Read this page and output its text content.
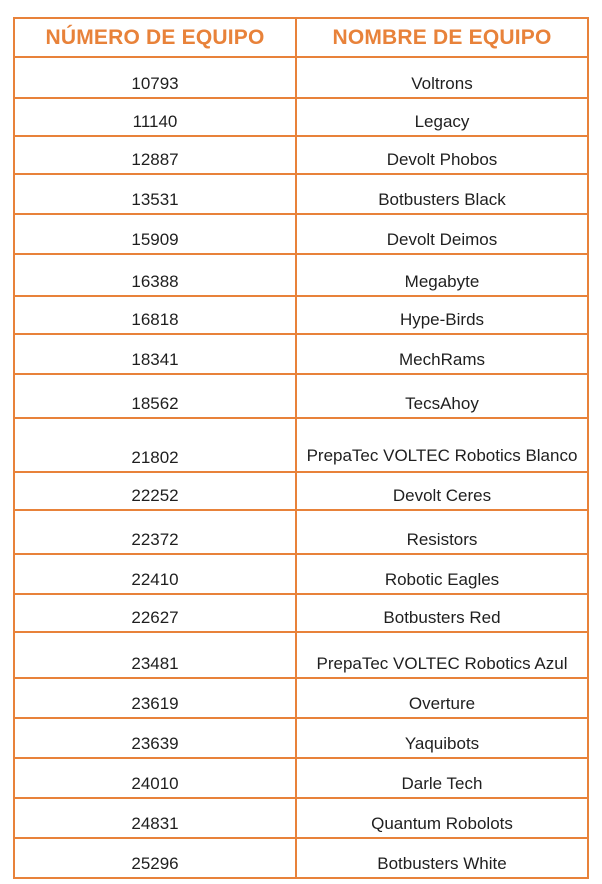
NÚMERO DE EQUIPO	NOMBRE DE EQUIPO
10793	Voltrons
11140	Legacy
12887	Devolt Phobos
13531	Botbusters Black
15909	Devolt Deimos
16388	Megabyte
16818	Hype-Birds
18341	MechRams
18562	TecsAhoy
21802	PrepaTec VOLTEC Robotics Blanco
22252	Devolt Ceres
22372	Resistors
22410	Robotic Eagles
22627	Botbusters Red
23481	PrepaTec VOLTEC Robotics Azul
23619	Overture
23639	Yaquibots
24010	Darle Tech
24831	Quantum Robolots
25296	Botbusters White
